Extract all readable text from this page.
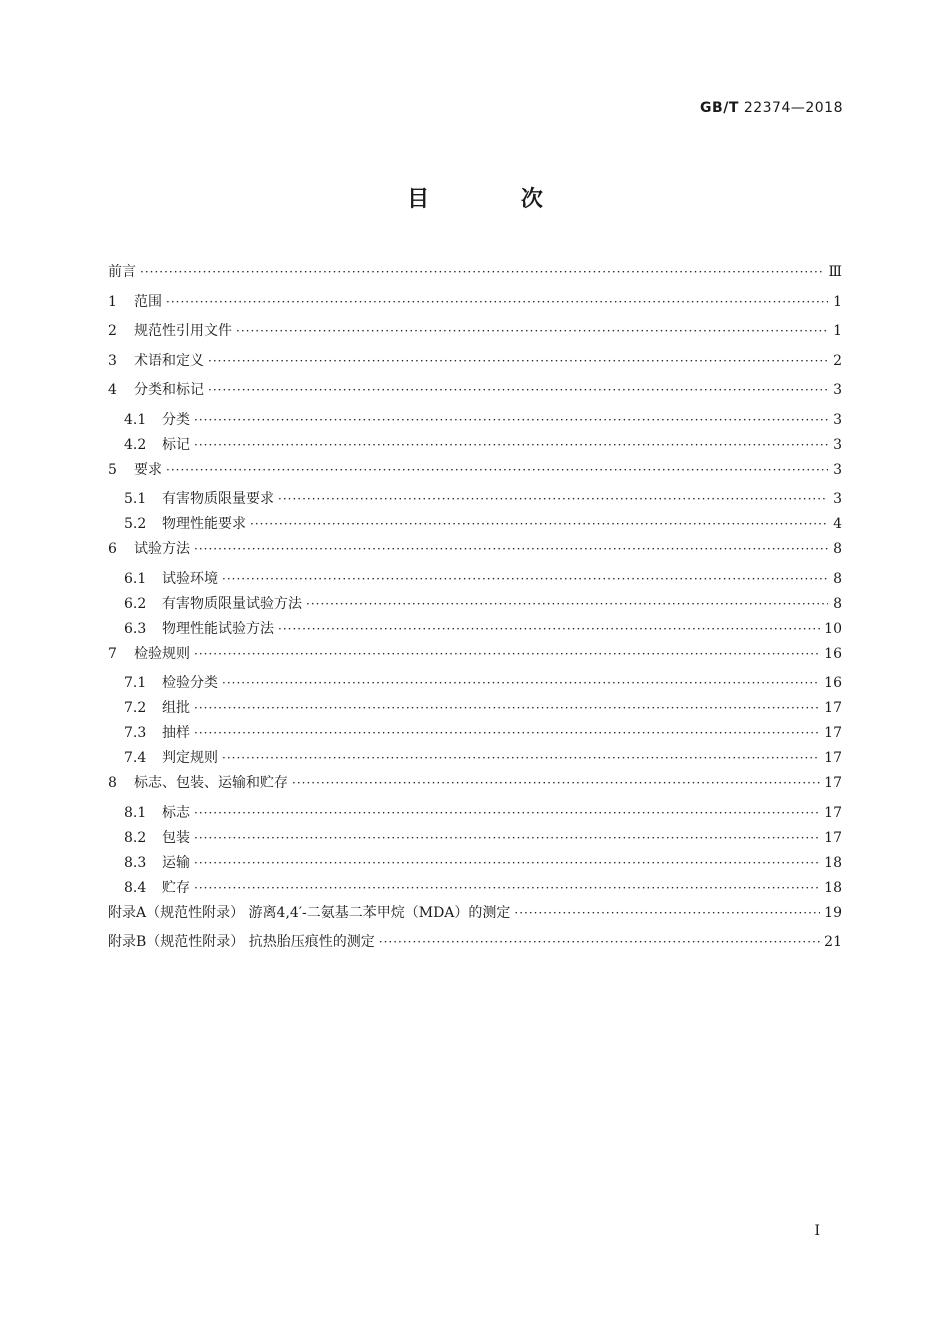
GB/T 22374—2018
目 次
前言 ·····	Ⅲ
1	范围 ·····	1
2	规范性引用文件 ·····	1
3	术语和定义 ·····	2
4	分类和标记 ·····	3
4.1	分类 ·····	3
4.2	标记 ·····	3
5	要求 ·····	3
5.1	有害物质限量要求 ·····	3
5.2	物理性能要求 ·····	4
6	试验方法 ·····	8
6.1	试验环境 ·····	8
6.2	有害物质限量试验方法 ·····	8
6.3	物理性能试验方法 ·····	10
7	检验规则 ·····	16
7.1	检验分类 ·····	16
7.2	组批 ·····	17
7.3	抽样 ·····	17
7.4	判定规则 ·····	17
8	标志、包装、运输和贮存 ·····	17
8.1	标志 ·····	17
8.2	包装 ·····	17
8.3	运输 ·····	18
8.4	贮存 ·····	18
附录A（规范性附录） 游离4,4′-二氨基二苯甲烷（MDA）的测定 ·····	19
附录B（规范性附录） 抗热胎压痕性的测定 ·····	21
Ⅰ
